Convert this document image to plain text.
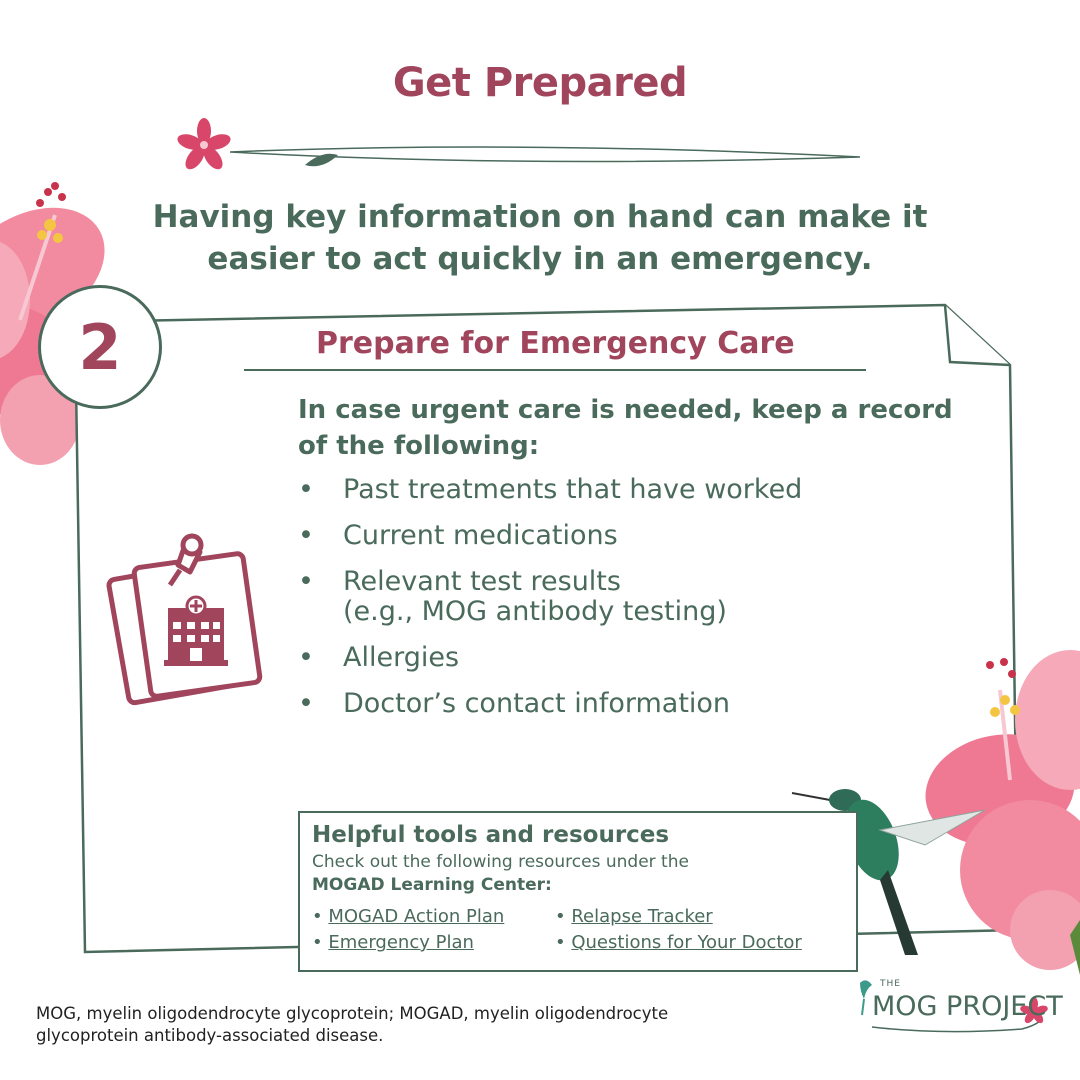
Get Prepared
Having key information on hand can make it
easier to act quickly in an emergency.
2	Prepare for Emergency Care
In case urgent care is needed, keep a record
of the following:
• Past treatments that have worked
• Current medications
• Relevant test results
(e.g., MOG antibody testing)
• Allergies
• Doctor’s contact information
Helpful tools and resources
Check out the following resources under the
MOGAD Learning Center:
• MOGAD Action Plan	• Relapse Tracker
• Emergency Plan	• Questions for Your Doctor
MOG, myelin oligodendrocyte glycoprotein; MOGAD, myelin oligodendrocyte
glycoprotein antibody-associated disease.
THE
MOG PROJECT
